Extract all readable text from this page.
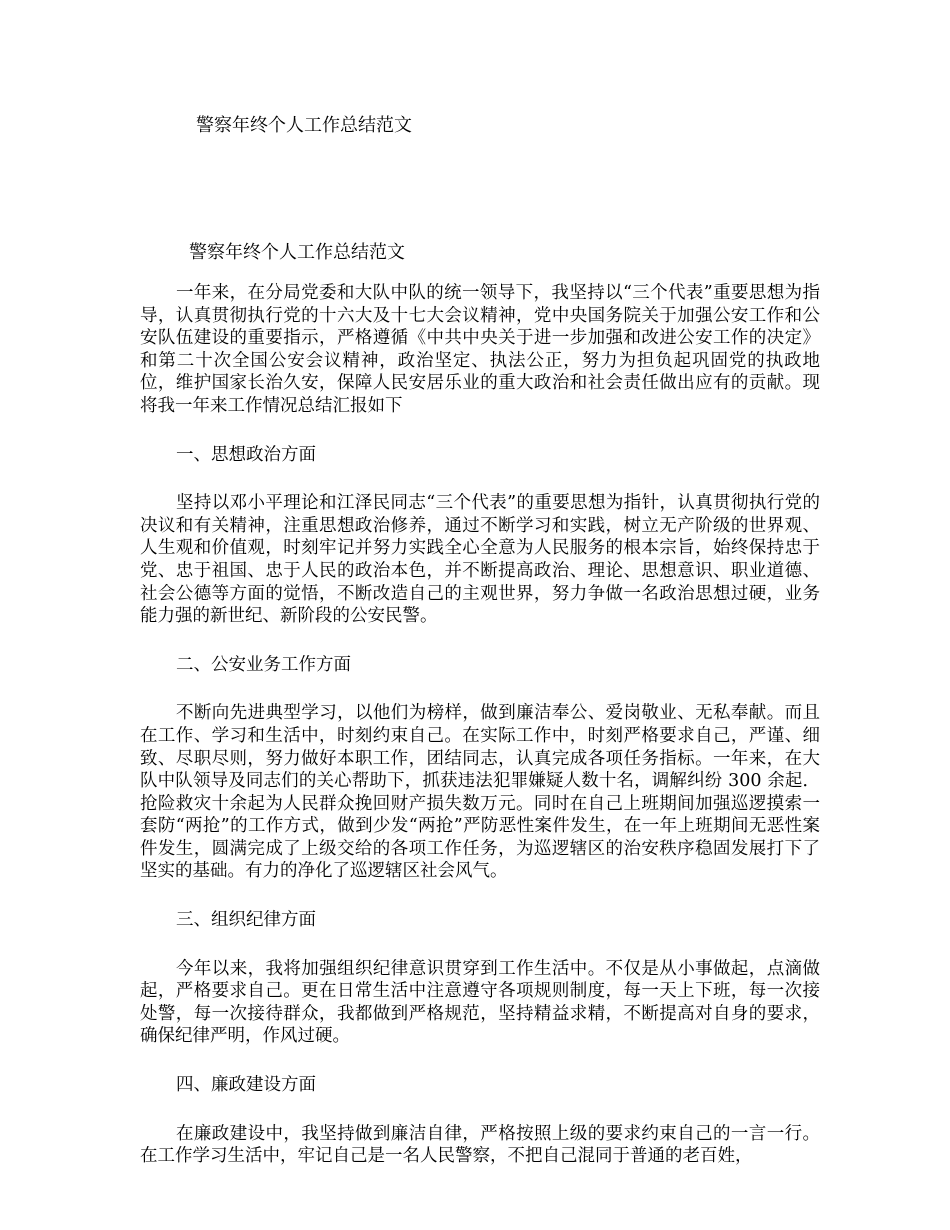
警察年终个人工作总结范文
警察年终个人工作总结范文

一年来，在分局党委和大队中队的统一领导下，我坚持以“三个代表”重要思想为指导，认真贯彻执行党的十六大及十七大会议精神，党中央国务院关于加强公安工作和公安队伍建设的重要指示，严格遵循《中共中央关于进一步加强和改进公安工作的决定》和第二十次全国公安会议精神，政治坚定、执法公正，努力为担负起巩固党的执政地位，维护国家长治久安，保障人民安居乐业的重大政治和社会责任做出应有的贡献。现将我一年来工作情况总结汇报如下

一、思想政治方面

坚持以邓小平理论和江泽民同志“三个代表”的重要思想为指针，认真贯彻执行党的决议和有关精神，注重思想政治修养，通过不断学习和实践，树立无产阶级的世界观、人生观和价值观，时刻牢记并努力实践全心全意为人民服务的根本宗旨，始终保持忠于党、忠于祖国、忠于人民的政治本色，并不断提高政治、理论、思想意识、职业道德、社会公德等方面的觉悟，不断改造自己的主观世界，努力争做一名政治思想过硬，业务能力强的新世纪、新阶段的公安民警。

二、公安业务工作方面

不断向先进典型学习，以他们为榜样，做到廉洁奉公、爱岗敬业、无私奉献。而且在工作、学习和生活中，时刻约束自己。在实际工作中，时刻严格要求自己，严谨、细致、尽职尽则，努力做好本职工作，团结同志，认真完成各项任务指标。一年来，在大队中队领导及同志们的关心帮助下，抓获违法犯罪嫌疑人数十名，调解纠纷 300 余起．抢险救灾十余起为人民群众挽回财产损失数万元。同时在自己上班期间加强巡逻摸索一套防“两抢”的工作方式，做到少发“两抢”严防恶性案件发生，在一年上班期间无恶性案件发生，圆满完成了上级交给的各项工作任务，为巡逻辖区的治安秩序稳固发展打下了坚实的基础。有力的净化了巡逻辖区社会风气。

三、组织纪律方面

今年以来，我将加强组织纪律意识贯穿到工作生活中。不仅是从小事做起，点滴做起，严格要求自己。更在日常生活中注意遵守各项规则制度，每一天上下班，每一次接处警，每一次接待群众，我都做到严格规范，坚持精益求精，不断提高对自身的要求，确保纪律严明，作风过硬。

四、廉政建设方面

在廉政建设中，我坚持做到廉洁自律，严格按照上级的要求约束自己的一言一行。在工作学习生活中，牢记自己是一名人民警察，不把自己混同于普通的老百姓，
